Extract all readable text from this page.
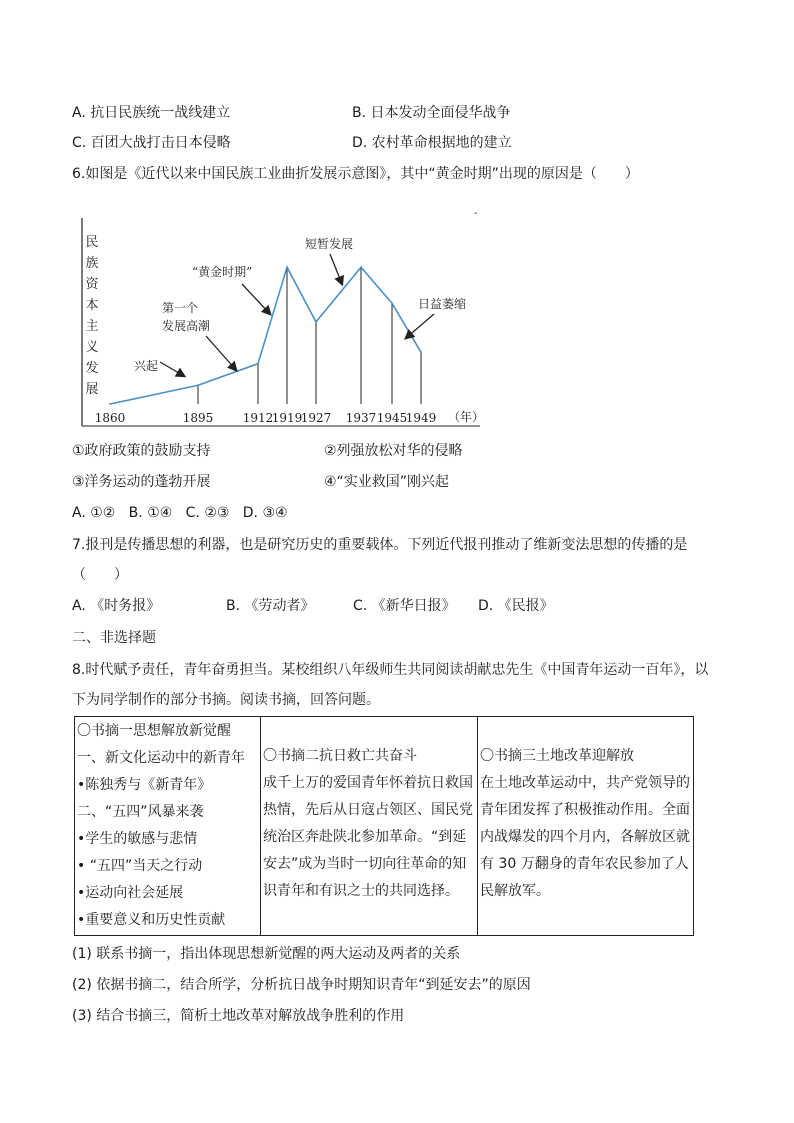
A. 抗日民族统一战线建立	B. 日本发动全面侵华战争
C. 百团大战打击日本侵略	D. 农村革命根据地的建立
6.如图是《近代以来中国民族工业曲折发展示意图》，其中“黄金时期”出现的原因是（　　）
民族资本主义发展
1860	1895 1912
1919
1927 1937 1945
1949 （年）
兴起
第一个
发展高潮
“黄金时期”
短暂发展
日益萎缩
-
①政府政策的鼓励支持	②列强放松对华的侵略
③洋务运动的蓬勃开展	④“实业救国”刚兴起
A. ①②   B. ①④   C. ②③   D. ③④
7.报刊是传播思想的利器，也是研究历史的重要载体。下列近代报刊推动了维新变法思想的传播的是
（　　）
A. 《时务报》	B. 《劳动者》	C. 《新华日报》 D. 《民报》
二、非选择题
8.时代赋予责任，青年奋勇担当。某校组织八年级师生共同阅读胡献忠先生《中国青年运动一百年》，以
下为同学制作的部分书摘。阅读书摘，回答问题。
〇书摘一思想解放新觉醒
一、新文化运动中的新青年
•陈独秀与《新青年》
二、“五四”风暴来袭
•学生的敏感与悲情
• “五四”当天之行动
•运动向社会延展
•重要意义和历史性贡献

〇书摘二抗日救亡共奋斗
成千上万的爱国青年怀着抗日救国
热情，先后从日寇占领区、国民党
统治区奔赴陕北参加革命。“到延
安去”成为当时一切向往革命的知
识青年和有识之士的共同选择。

〇书摘三土地改革迎解放
在土地改革运动中，共产党领导的
青年团发挥了积极推动作用。全面
内战爆发的四个月内，各解放区就
有 30 万翻身的青年农民参加了人
民解放军。
(1) 联系书摘一，指出体现思想新觉醒的两大运动及两者的关系
(2) 依据书摘二，结合所学，分析抗日战争时期知识青年“到延安去”的原因
(3) 结合书摘三，简析土地改革对解放战争胜利的作用
